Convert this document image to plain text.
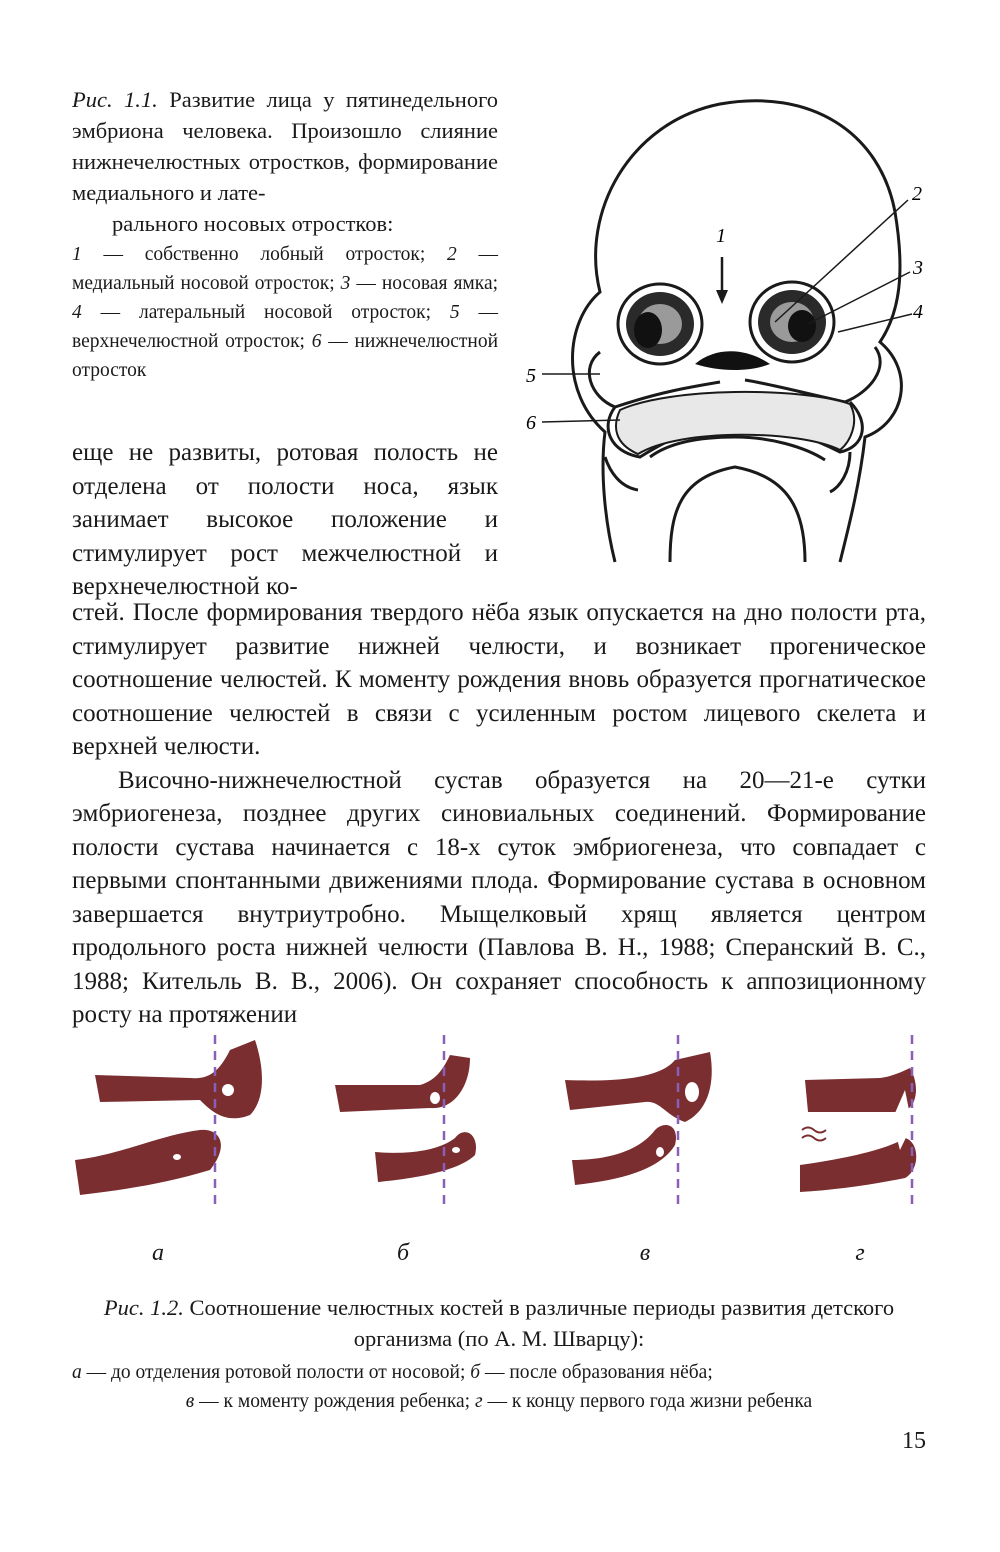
Рис. 1.1. Развитие лица у пятинедельного эмбриона человека. Произошло слияние нижнечелюстных отростков, формирование медиального и лате-
рального носовых отростков:
1 — собственно лобный отросток; 2 — медиальный носовой отросток; 3 — носовая ямка; 4 — латеральный носовой отросток; 5 — верхнечелюстной отросток; 6 — нижнечелюстной отросток
1
2
3
4
5
6
еще не развиты, ротовая полость не отделена от полости носа, язык занимает высокое положение и стимулирует рост межчелюстной и верхнечелюстной ко-

стей. После формирования твердого нёба язык опускается на дно полости рта, стимулирует развитие нижней челюсти, и возникает прогеническое соотношение челюстей. К моменту рождения вновь образуется прогнатическое соотношение челюстей в связи с усиленным ростом лицевого скелета и верхней челюсти.

Височно-нижнечелюстной сустав образуется на 20—21-е сутки эмбриогенеза, позднее других синовиальных соединений. Формирование полости сустава начинается с 18-х суток эмбриогенеза, что совпадает с первыми спонтанными движениями плода. Формирование сустава в основном завершается внутриутробно. Мыщелковый хрящ является центром продольного роста нижней челюсти (Павлова В. Н., 1988; Сперанский В. С., 1988; Кительль В. В., 2006). Он сохраняет способность к аппозиционному росту на протяжении

а	б	в	г
Рис. 1.2. Соотношение челюстных костей в различные периоды развития детского организма (по А. М. Шварцу):
а — до отделения ротовой полости от носовой; б — после образования нёба;
в — к моменту рождения ребенка; г — к концу первого года жизни ребенка
15
